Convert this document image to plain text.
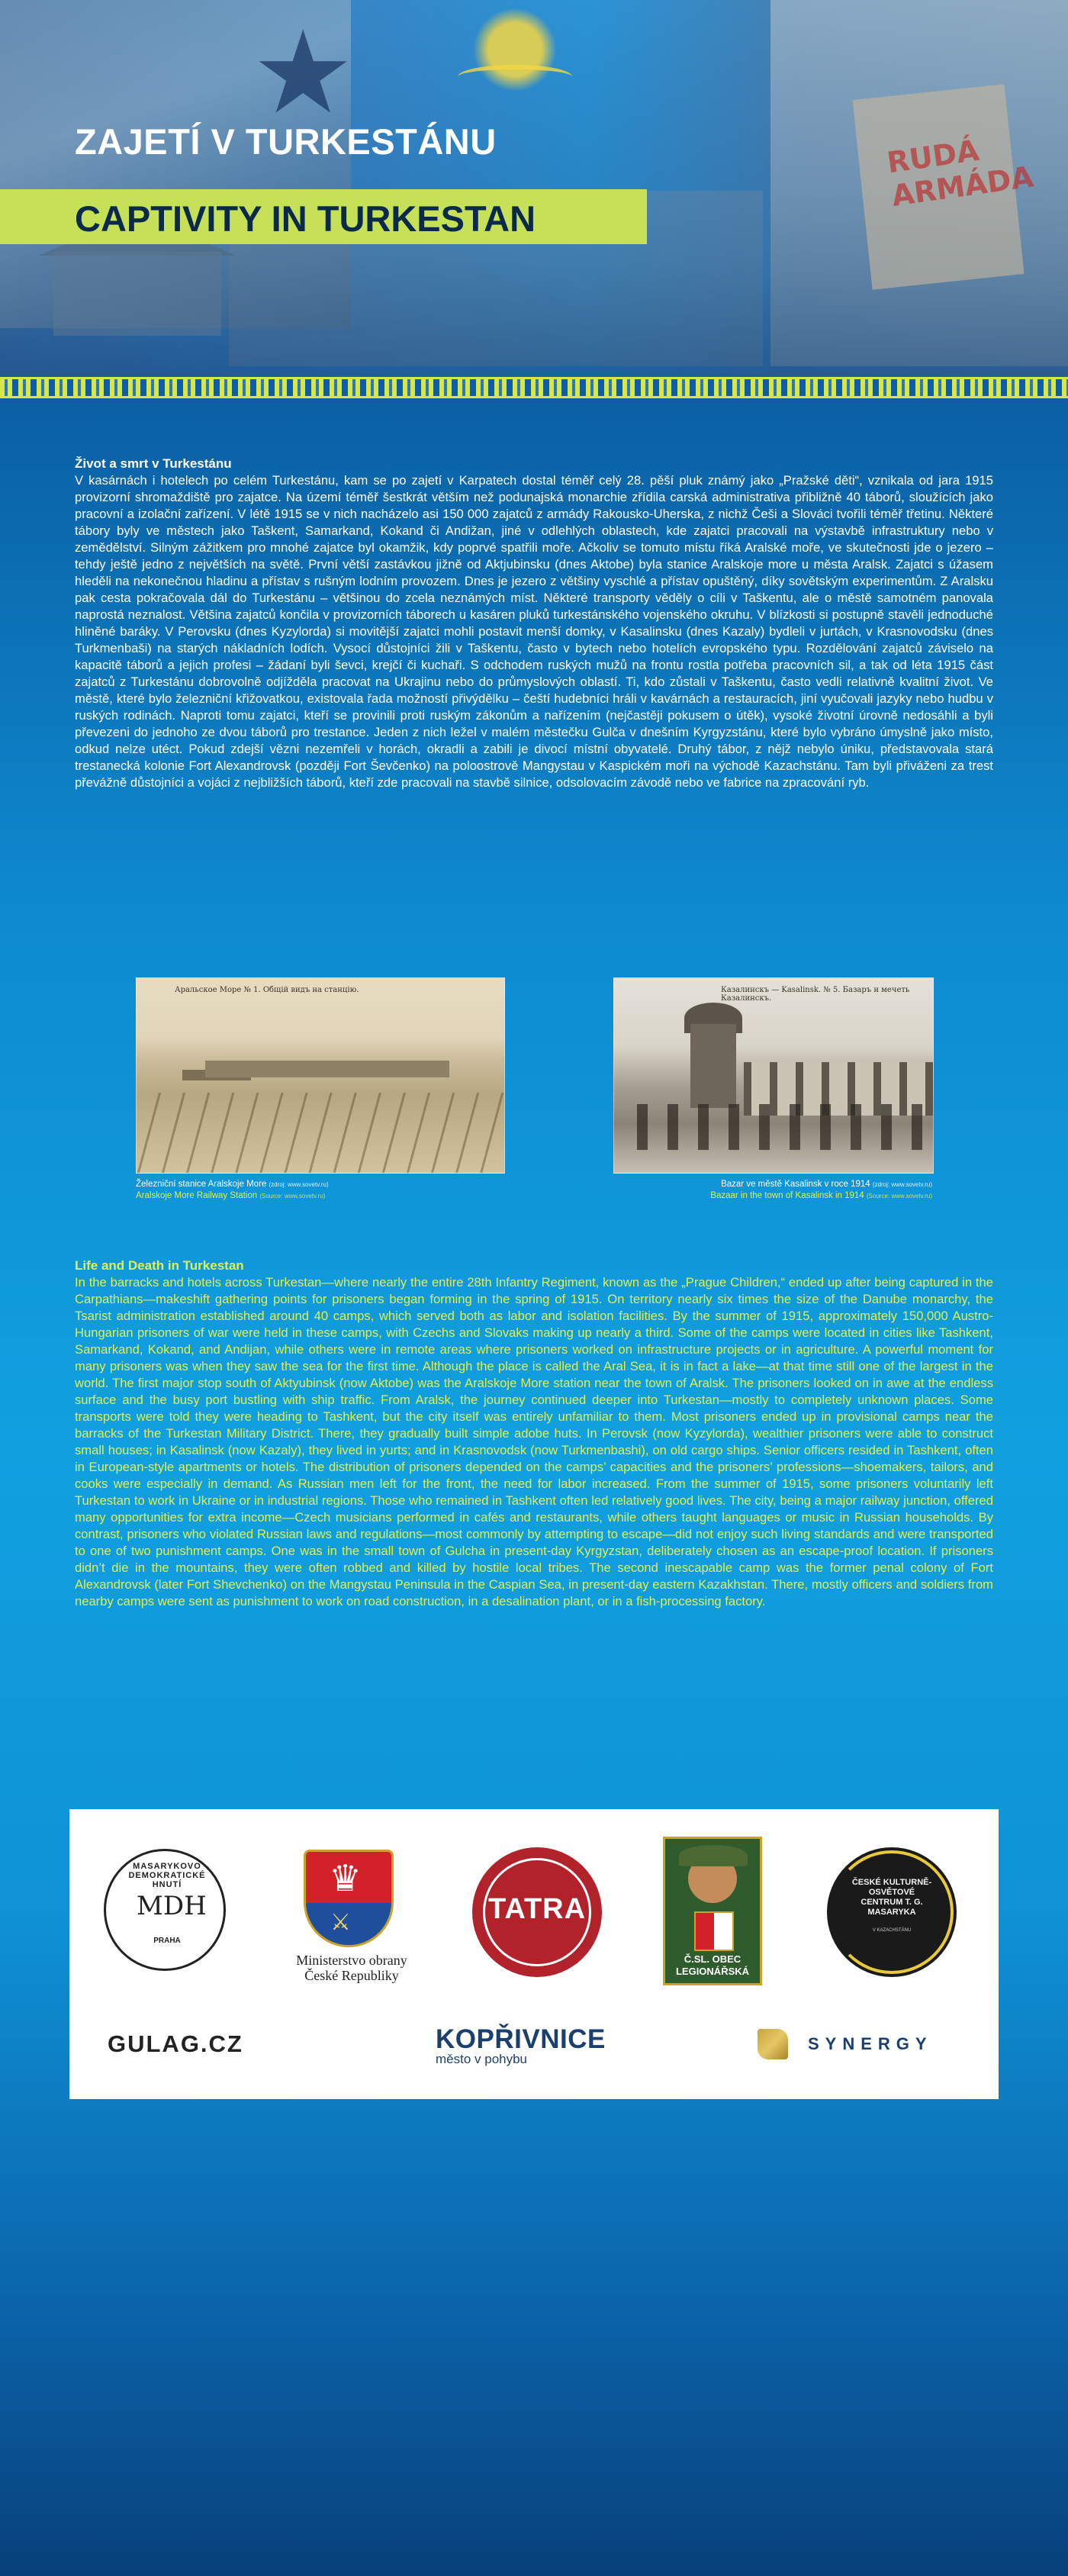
★
RUDÁ ARMÁDA
ZAJETÍ V TURKESTÁNU
CAPTIVITY IN TURKESTAN
Život a smrt v Turkestánu

V kasárnách i hotelech po celém Turkestánu, kam se po zajetí v Karpatech dostal téměř celý 28. pěší pluk známý jako „Pražské děti“, vznikala od jara 1915 provizorní shromaždiště pro zajatce. Na území téměř šestkrát větším než podunajská monarchie zřídila carská administrativa přibližně 40 táborů, sloužících jako pracovní a izolační zařízení. V létě 1915 se v nich nacházelo asi 150 000 zajatců z armády Rakousko-Uherska, z nichž Češi a Slováci tvořili téměř třetinu. Některé tábory byly ve městech jako Taškent, Samarkand, Kokand či Andižan, jiné v odlehlých oblastech, kde zajatci pracovali na výstavbě infrastruktury nebo v zemědělství. Silným zážitkem pro mnohé zajatce byl okamžik, kdy poprvé spatřili moře. Ačkoliv se tomuto místu říká Aralské moře, ve skutečnosti jde o jezero – tehdy ještě jedno z největších na světě. První větší zastávkou jižně od Aktjubinsku (dnes Aktobe) byla stanice Aralskoje more u města Aralsk. Zajatci s úžasem hleděli na nekonečnou hladinu a přístav s rušným lodním provozem. Dnes je jezero z většiny vyschlé a přístav opuštěný, díky sovětským experimentům. Z Aralsku pak cesta pokračovala dál do Turkestánu – většinou do zcela neznámých míst. Některé transporty věděly o cíli v Taškentu, ale o městě samotném panovala naprostá neznalost. Většina zajatců končila v provizorních táborech u kasáren pluků turkestánského vojenského okruhu. V blízkosti si postupně stavěli jednoduché hliněné baráky. V Perovsku (dnes Kyzylorda) si movitější zajatci mohli postavit menší domky, v Kasalinsku (dnes Kazaly) bydleli v jurtách, v Krasnovodsku (dnes Turkmenbaši) na starých nákladních lodích. Vysocí důstojníci žili v Taškentu, často v bytech nebo hotelích evropského typu. Rozdělování zajatců záviselo na kapacitě táborů a jejich profesi – žádaní byli ševci, krejčí či kuchaři. S odchodem ruských mužů na frontu rostla potřeba pracovních sil, a tak od léta 1915 část zajatců z Turkestánu dobrovolně odjížděla pracovat na Ukrajinu nebo do průmyslových oblastí. Ti, kdo zůstali v Taškentu, často vedli relativně kvalitní život. Ve městě, které bylo železniční křižovatkou, existovala řada možností přivýdělku – čeští hudebníci hráli v kavárnách a restauracích, jiní vyučovali jazyky nebo hudbu v ruských rodinách. Naproti tomu zajatci, kteří se provinili proti ruským zákonům a nařízením (nejčastěji pokusem o útěk), vysoké životní úrovně nedosáhli a byli převezeni do jednoho ze dvou táborů pro trestance. Jeden z nich ležel v malém městečku Gulča v dnešním Kyrgyzstánu, které bylo vybráno úmyslně jako místo, odkud nelze utéct. Pokud zdejší vězni nezemřeli v horách, okradli a zabili je divocí místní obyvatelé. Druhý tábor, z nějž nebylo úniku, představovala stará trestanecká kolonie Fort Alexandrovsk (později Fort Ševčenko) na poloostrově Mangystau v Kaspickém moři na východě Kazachstánu. Tam byli přiváženi za trest převážně důstojníci a vojáci z nejbližších táborů, kteří zde pracovali na stavbě silnice, odsolovacím závodě nebo ve fabrice na zpracování ryb.

Аральское Море № 1. Общій видъ на станцію.
Železniční stanice Aralskoje More (zdroj: www.sovetv.ru)
Aralskoje More Railway Station (Source: www.sovetv.ru)
Казалинскъ — Kasalinsk. № 5. Базаръ и мечеть Казалинскъ.
Bazar ve městě Kasalinsk v roce 1914 (zdroj: www.sovetv.ru)
Bazaar in the town of Kasalinsk in 1914 (Source: www.sovetv.ru)
Life and Death in Turkestan

In the barracks and hotels across Turkestan—where nearly the entire 28th Infantry Regiment, known as the „Prague Children,“ ended up after being captured in the Carpathians—makeshift gathering points for prisoners began forming in the spring of 1915. On territory nearly six times the size of the Danube monarchy, the Tsarist administration established around 40 camps, which served both as labor and isolation facilities. By the summer of 1915, approximately 150,000 Austro-Hungarian prisoners of war were held in these camps, with Czechs and Slovaks making up nearly a third. Some of the camps were located in cities like Tashkent, Samarkand, Kokand, and Andijan, while others were in remote areas where prisoners worked on infrastructure projects or in agriculture. A powerful moment for many prisoners was when they saw the sea for the first time. Although the place is called the Aral Sea, it is in fact a lake—at that time still one of the largest in the world. The first major stop south of Aktyubinsk (now Aktobe) was the Aralskoje More station near the town of Aralsk. The prisoners looked on in awe at the endless surface and the busy port bustling with ship traffic. From Aralsk, the journey continued deeper into Turkestan—mostly to completely unknown places. Some transports were told they were heading to Tashkent, but the city itself was entirely unfamiliar to them. Most prisoners ended up in provisional camps near the barracks of the Turkestan Military District. There, they gradually built simple adobe huts. In Perovsk (now Kyzylorda), wealthier prisoners were able to construct small houses; in Kasalinsk (now Kazaly), they lived in yurts; and in Krasnovodsk (now Turkmenbashi), on old cargo ships. Senior officers resided in Tashkent, often in European-style apartments or hotels. The distribution of prisoners depended on the camps’ capacities and the prisoners’ professions—shoemakers, tailors, and cooks were especially in demand. As Russian men left for the front, the need for labor increased. From the summer of 1915, some prisoners voluntarily left Turkestan to work in Ukraine or in industrial regions. Those who remained in Tashkent often led relatively good lives. The city, being a major railway junction, offered many opportunities for extra income—Czech musicians performed in cafés and restaurants, while others taught languages or music in Russian households. By contrast, prisoners who violated Russian laws and regulations—most commonly by attempting to escape—did not enjoy such living standards and were transported to one of two punishment camps. One was in the small town of Gulcha in present-day Kyrgyzstan, deliberately chosen as an escape-proof location. If prisoners didn’t die in the mountains, they were often robbed and killed by hostile local tribes. The second inescapable camp was the former penal colony of Fort Alexandrovsk (later Fort Shevchenko) on the Mangystau Peninsula in the Caspian Sea, in present-day eastern Kazakhstan. There, mostly officers and soldiers from nearby camps were sent as punishment to work on road construction, in a desalination plant, or in a fish-processing factory.

MASARYKOVO DEMOKRATICKÉ HNUTÍ
MDH
PRAHA
♛
⚔
Ministerstvo obrany České Republiky
TATRA
Č.SL. OBEC LEGIONÁŘSKÁ
ČESKÉ KULTURNĚ-OSVĚTOVÉ CENTRUM T. G. MASARYKA
V KAZACHSTÁNU
GULAG.CZ	KOPŘIVNICE
město v pohybu
SYNERGY
